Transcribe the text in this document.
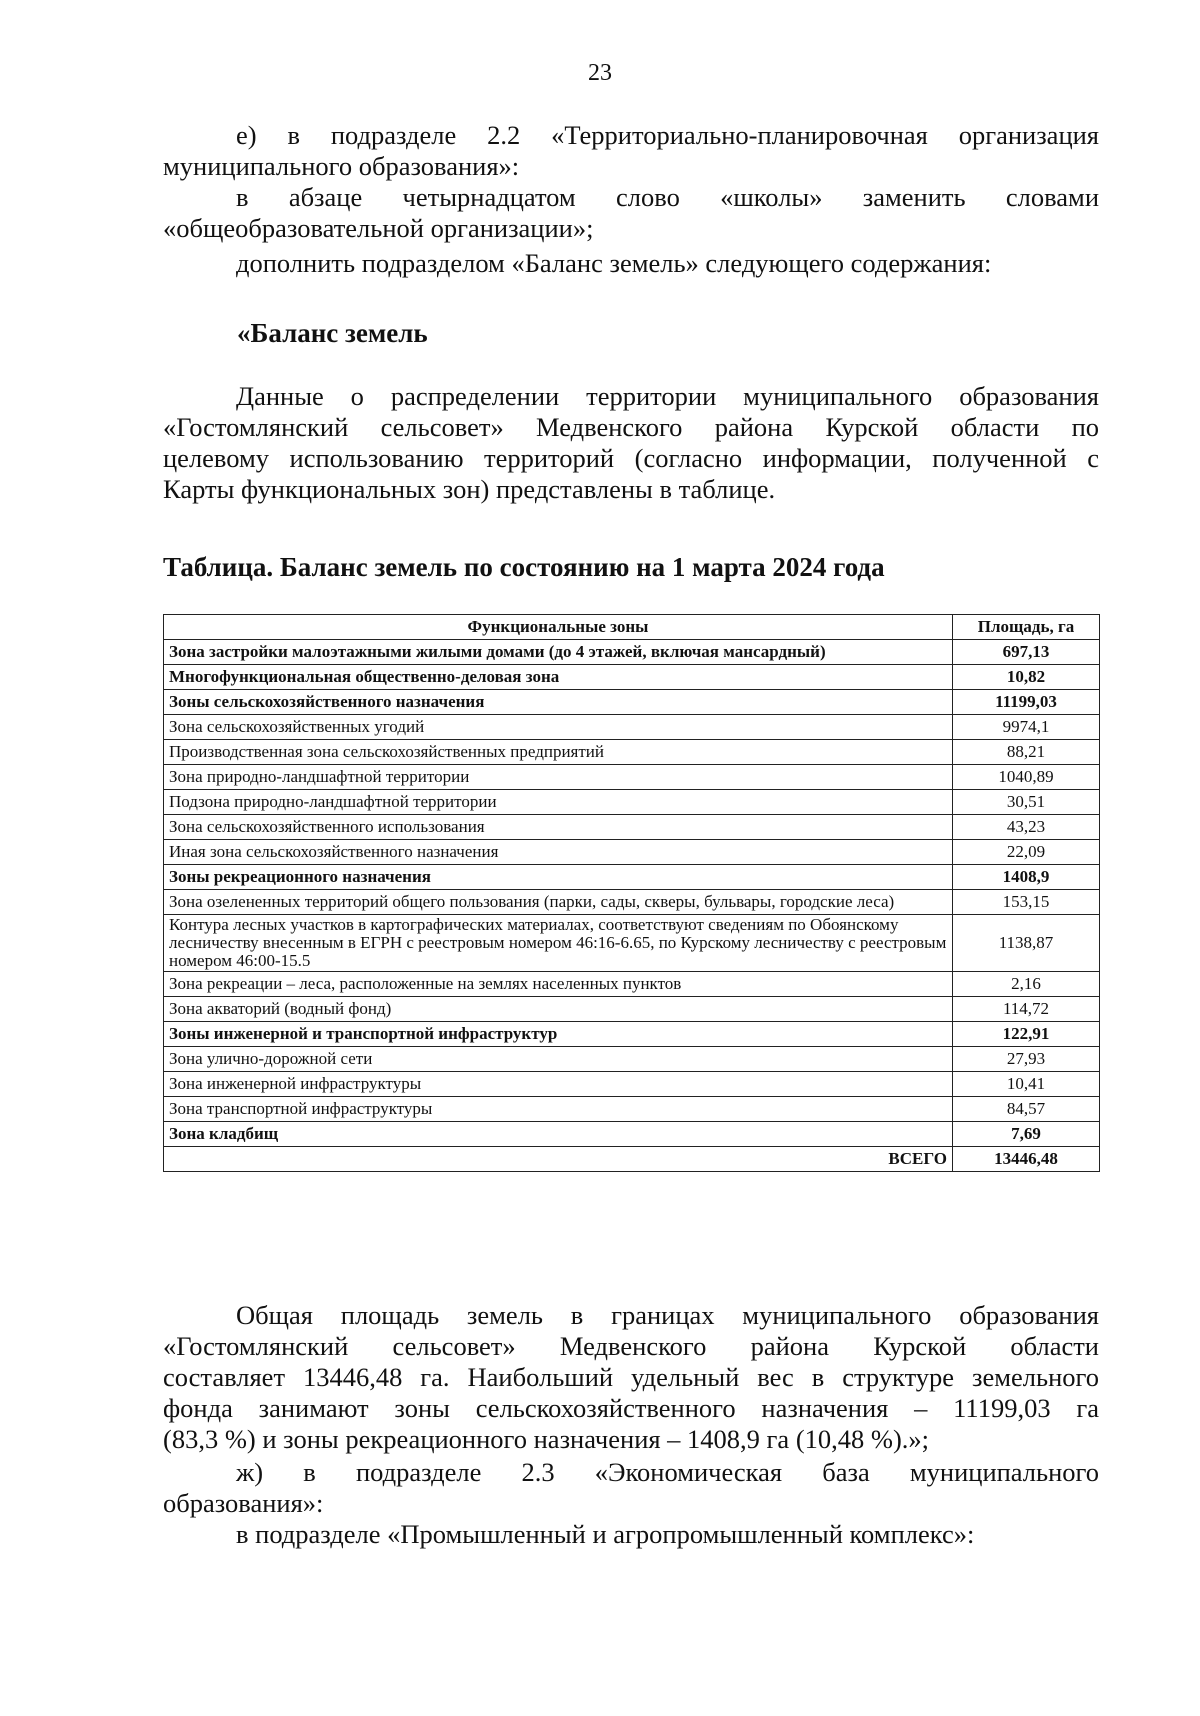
23

е) в подразделе 2.2 «Территориально-планировочная организация

муниципального образования»:

в абзаце четырнадцатом слово «школы» заменить словами

«общеобразовательной организации»;

дополнить подразделом «Баланс земель» следующего содержания:

«Баланс земель

Данные о распределении территории муниципального образования

«Гостомлянский сельсовет» Медвенского района Курской области по

целевому использованию территорий (согласно информации, полученной с

Карты функциональных зон) представлены в таблице.

Таблица. Баланс земель по состоянию на 1 марта 2024 года
Функциональные зоны	Площадь, га
Зона застройки малоэтажными жилыми домами (до 4 этажей, включая мансардный)	697,13
Многофункциональная общественно-деловая зона	10,82
Зоны сельскохозяйственного назначения	11199,03
Зона сельскохозяйственных угодий	9974,1
Производственная зона сельскохозяйственных предприятий	88,21
Зона природно-ландшафтной территории	1040,89
Подзона природно-ландшафтной территории	30,51
Зона сельскохозяйственного использования	43,23
Иная зона сельскохозяйственного назначения	22,09
Зоны рекреационного назначения	1408,9
Зона озелененных территорий общего пользования (парки, сады, скверы, бульвары, городские леса)	153,15
Контура лесных участков в картографических материалах, соответствуют сведениям по Обоянскому лесничеству внесенным в ЕГРН с реестровым номером 46:16-6.65, по Курскому лесничеству с реестровым номером 46:00-15.5	1138,87
Зона рекреации – леса, расположенные на землях населенных пунктов	2,16
Зона акваторий (водный фонд)	114,72
Зоны инженерной и транспортной инфраструктур	122,91
Зона улично-дорожной сети	27,93
Зона инженерной инфраструктуры	10,41
Зона транспортной инфраструктуры	84,57
Зона кладбищ	7,69
ВСЕГО	13446,48

Общая площадь земель в границах муниципального образования

«Гостомлянский сельсовет» Медвенского района Курской области

составляет 13446,48 га. Наибольший удельный вес в структуре земельного

фонда занимают зоны сельскохозяйственного назначения – 11199,03 га

(83,3 %) и зоны рекреационного назначения – 1408,9 га (10,48 %).»;

ж) в подразделе 2.3 «Экономическая база муниципального

образования»:

в подразделе «Промышленный и агропромышленный комплекс»:
